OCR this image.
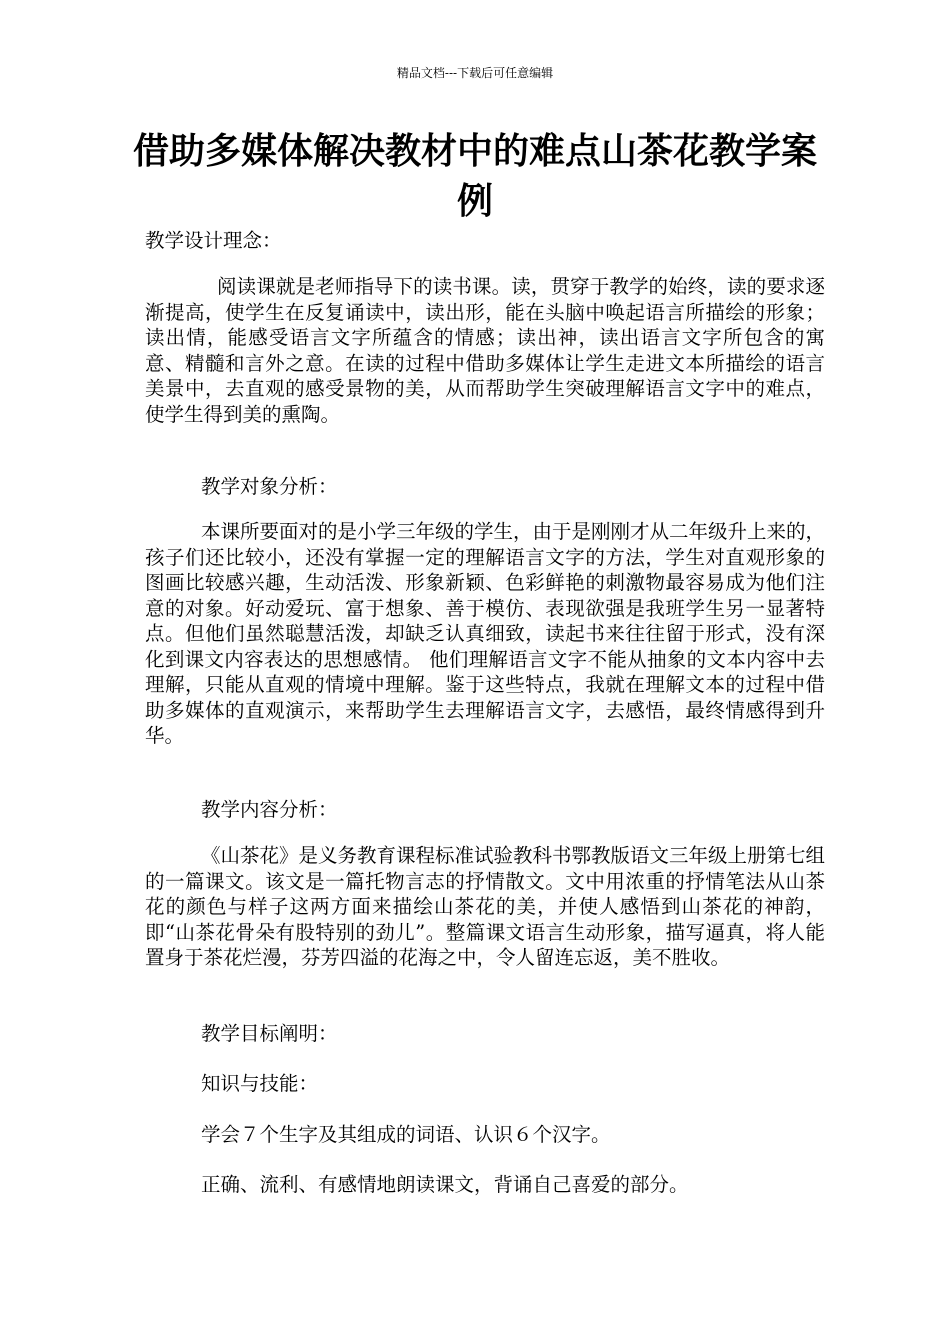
精品文档---下载后可任意编辑
借助多媒体解决教材中的难点山茶花教学案例

教学设计理念：

阅读课就是老师指导下的读书课。读，贯穿于教学的始终，读的要求逐渐提高，使学生在反复诵读中，读出形，能在头脑中唤起语言所描绘的形象；读出情，能感受语言文字所蕴含的情感；读出神，读出语言文字所包含的寓意、精髓和言外之意。在读的过程中借助多媒体让学生走进文本所描绘的语言美景中，去直观的感受景物的美，从而帮助学生突破理解语言文字中的难点，使学生得到美的熏陶。

教学对象分析：

本课所要面对的是小学三年级的学生，由于是刚刚才从二年级升上来的，孩子们还比较小，还没有掌握一定的理解语言文字的方法，学生对直观形象的图画比较感兴趣，生动活泼、形象新颖、色彩鲜艳的刺激物最容易成为他们注意的对象。好动爱玩、富于想象、善于模仿、表现欲强是我班学生另一显著特点。但他们虽然聪慧活泼，却缺乏认真细致，读起书来往往留于形式，没有深化到课文内容表达的思想感情。 他们理解语言文字不能从抽象的文本内容中去理解，只能从直观的情境中理解。鉴于这些特点，我就在理解文本的过程中借助多媒体的直观演示，来帮助学生去理解语言文字，去感悟，最终情感得到升华。

教学内容分析：

《山茶花》是义务教育课程标准试验教科书鄂教版语文三年级上册第七组的一篇课文。该文是一篇托物言志的抒情散文。文中用浓重的抒情笔法从山茶花的颜色与样子这两方面来描绘山茶花的美，并使人感悟到山茶花的神韵，即“山茶花骨朵有股特别的劲儿”。整篇课文语言生动形象，描写逼真，将人能置身于茶花烂漫，芬芳四溢的花海之中，令人留连忘返，美不胜收。

教学目标阐明：

知识与技能：

学会７个生字及其组成的词语、认识６个汉字。

正确、流利、有感情地朗读课文，背诵自己喜爱的部分。
